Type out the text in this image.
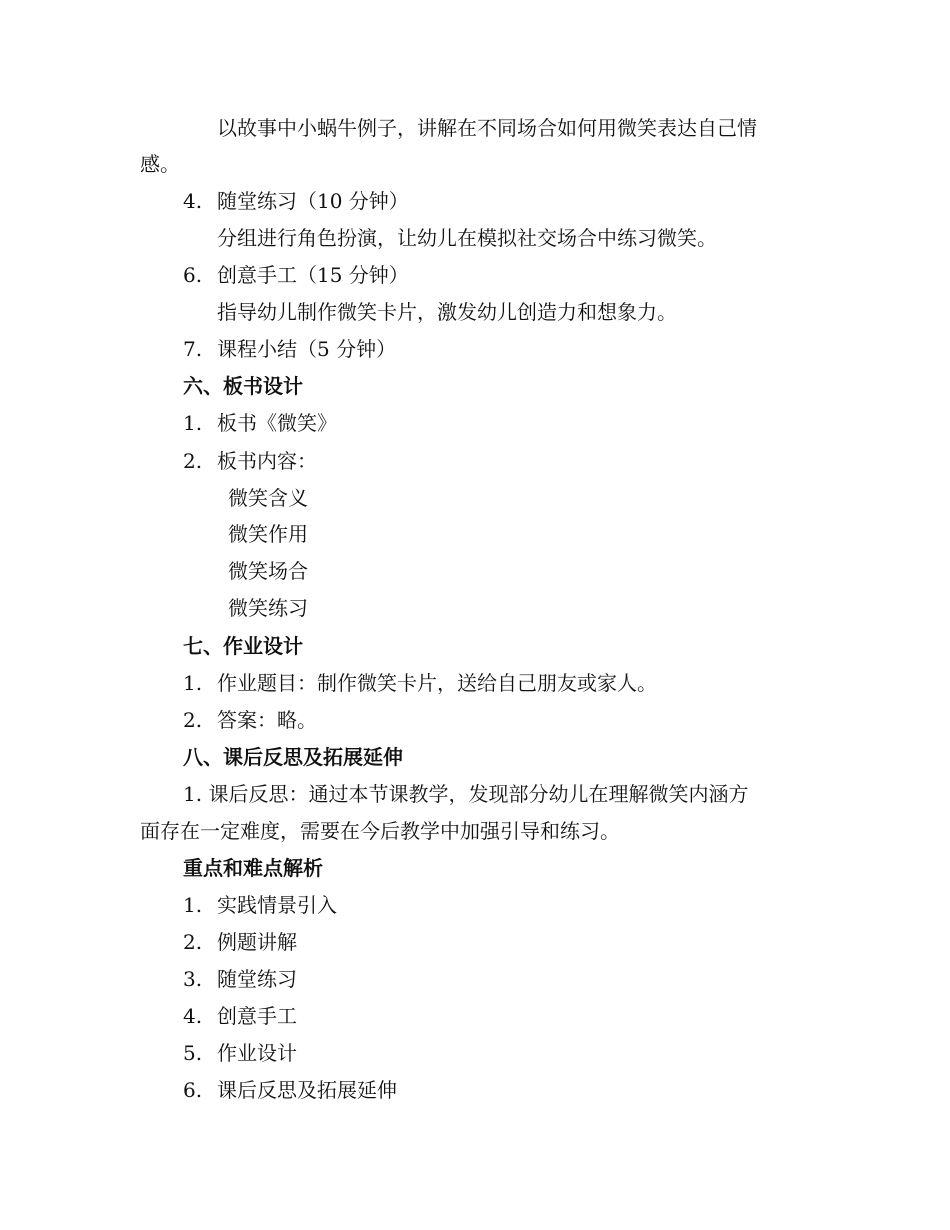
以故事中小蜗牛例子，讲解在不同场合如何用微笑表达自己情
感。
4. 随堂练习（10 分钟）
分组进行角色扮演，让幼儿在模拟社交场合中练习微笑。
6. 创意手工（15 分钟）
指导幼儿制作微笑卡片，激发幼儿创造力和想象力。
7. 课程小结（5 分钟）
六、板书设计
1. 板书《微笑》
2. 板书内容：
微笑含义
微笑作用
微笑场合
微笑练习
七、作业设计
1. 作业题目：制作微笑卡片，送给自己朋友或家人。
2. 答案：略。
八、课后反思及拓展延伸
1. 课后反思：通过本节课教学，发现部分幼儿在理解微笑内涵方
面存在一定难度，需要在今后教学中加强引导和练习。
重点和难点解析
1. 实践情景引入
2. 例题讲解
3. 随堂练习
4. 创意手工
5. 作业设计
6. 课后反思及拓展延伸
